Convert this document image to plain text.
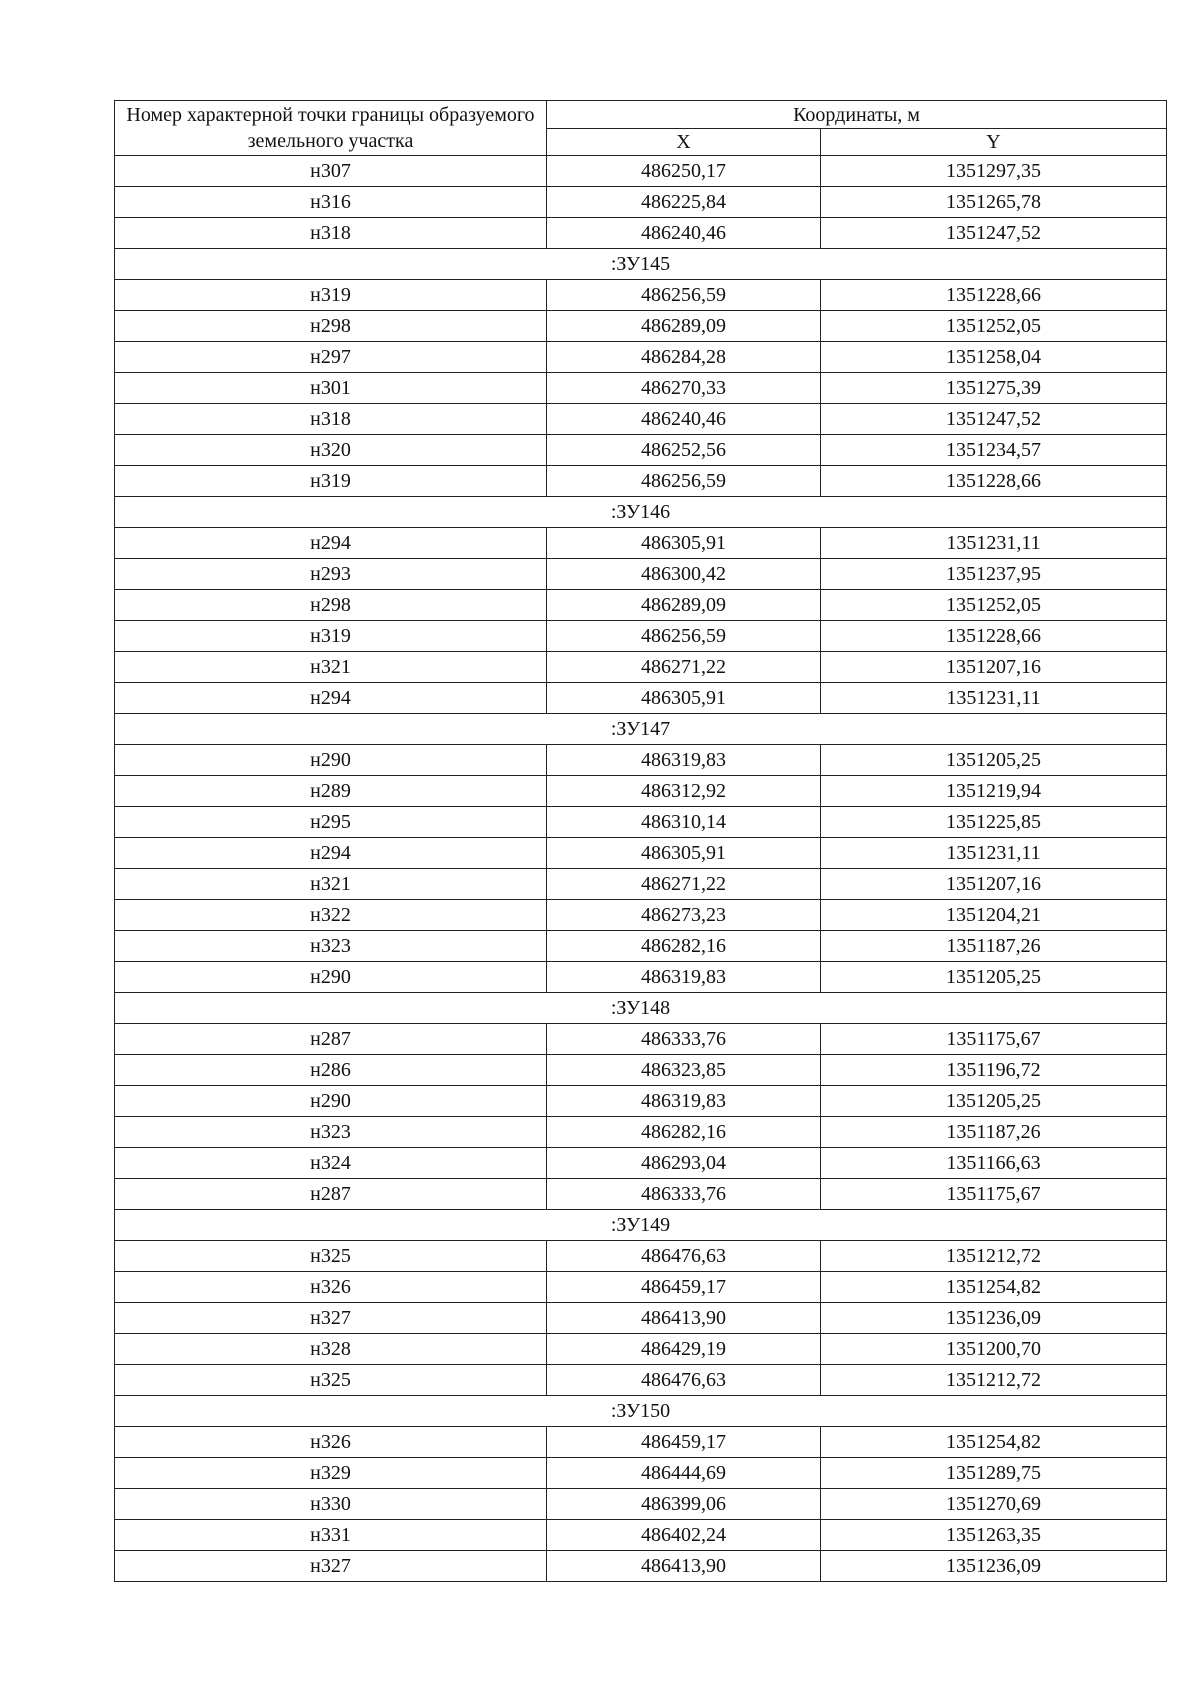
Номер характерной точки границы образуемого земельного участка	Координаты, м	
	X	Y
н307	486250,17	1351297,35
н316	486225,84	1351265,78
н318	486240,46	1351247,52
:ЗУ145		
н319	486256,59	1351228,66
н298	486289,09	1351252,05
н297	486284,28	1351258,04
н301	486270,33	1351275,39
н318	486240,46	1351247,52
н320	486252,56	1351234,57
н319	486256,59	1351228,66
:ЗУ146		
н294	486305,91	1351231,11
н293	486300,42	1351237,95
н298	486289,09	1351252,05
н319	486256,59	1351228,66
н321	486271,22	1351207,16
н294	486305,91	1351231,11
:ЗУ147		
н290	486319,83	1351205,25
н289	486312,92	1351219,94
н295	486310,14	1351225,85
н294	486305,91	1351231,11
н321	486271,22	1351207,16
н322	486273,23	1351204,21
н323	486282,16	1351187,26
н290	486319,83	1351205,25
:ЗУ148		
н287	486333,76	1351175,67
н286	486323,85	1351196,72
н290	486319,83	1351205,25
н323	486282,16	1351187,26
н324	486293,04	1351166,63
н287	486333,76	1351175,67
:ЗУ149		
н325	486476,63	1351212,72
н326	486459,17	1351254,82
н327	486413,90	1351236,09
н328	486429,19	1351200,70
н325	486476,63	1351212,72
:ЗУ150		
н326	486459,17	1351254,82
н329	486444,69	1351289,75
н330	486399,06	1351270,69
н331	486402,24	1351263,35
н327	486413,90	1351236,09
